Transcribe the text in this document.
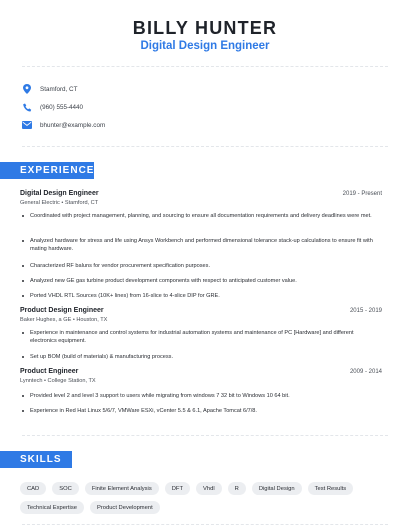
BILLY HUNTER
Digital Design Engineer
Stamford, CT
(960) 555-4440
bhunter@example.com
EXPERIENCE
Digital Design Engineer	2019 - Present
General Electric • Stamford, CT
Coordinated with project management, planning, and sourcing to ensure all documentation requirements and delivery deadlines were met.
Analyzed hardware for stress and life using Ansys Workbench and performed dimensional tolerance stack-up calculations to ensure fit with mating hardware.
Characterized RF baluns for vendor procurement specification purposes.
Analyzed new GE gas turbine product development components with respect to anticipated customer value.
Ported VHDL RTL Sources (10K+ lines) from 16-slice to 4-slice DIP for GRE.
Product Design Engineer	2015 - 2019
Baker Hughes, a GE • Houston, TX
Experience in maintenance and control systems for industrial automation systems and maintenance of PC [Hardware] and different electronics equipment.
Set up BOM (build of materials) & manufacturing process.
Product Engineer	2009 - 2014
Lynntech • College Station, TX
Provided level 2 and level 3 support to users while migrating from windows 7 32 bit to Windows 10 64 bit.
Experience in Red Hat Linux 5/6/7, VMWare ESXi, vCenter 5.5 & 6.1, Apache Tomcat 6/7/8.
SKILLS
CAD	SOC	Finite Element Analysis	DFT	Vhdl	R	Digital Design	Test Results
Technical Expertise	Product Development
